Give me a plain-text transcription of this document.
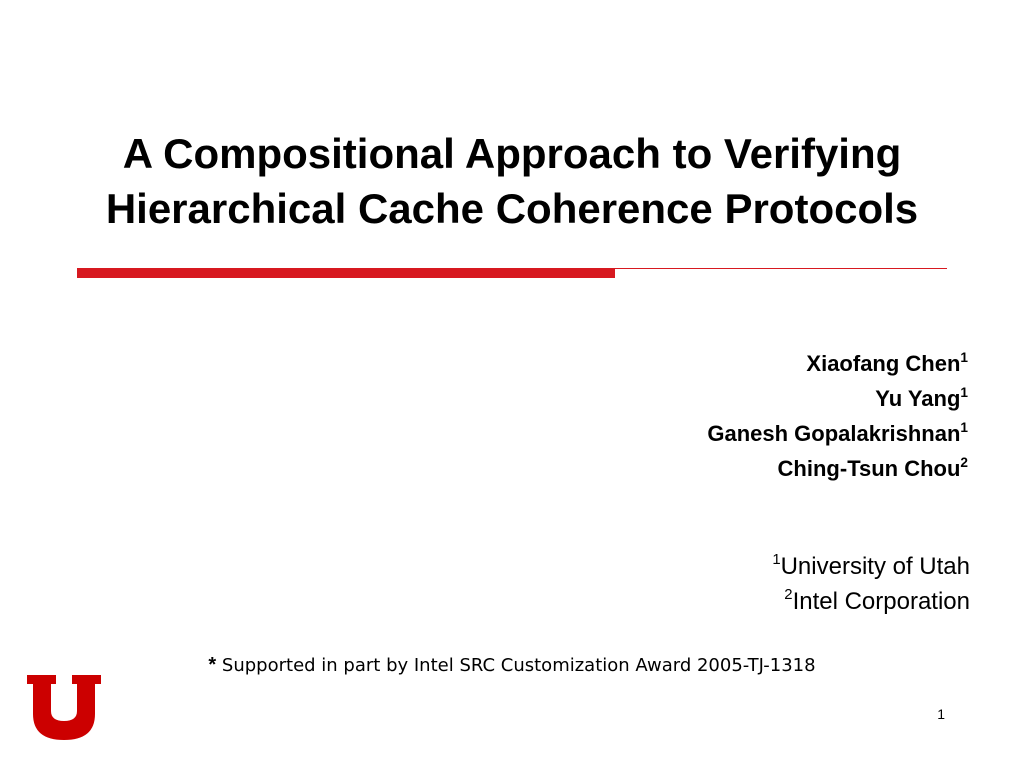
A Compositional Approach to Verifying
Hierarchical Cache Coherence Protocols
Xiaofang Chen$^1$
Yu Yang$^1$
Ganesh Gopalakrishnan$^1$
Ching-Tsun Chou$^2$
$^1$University of Utah
$^2$Intel Corporation
* Supported in part by Intel SRC Customization Award 2005-TJ-1318
1
